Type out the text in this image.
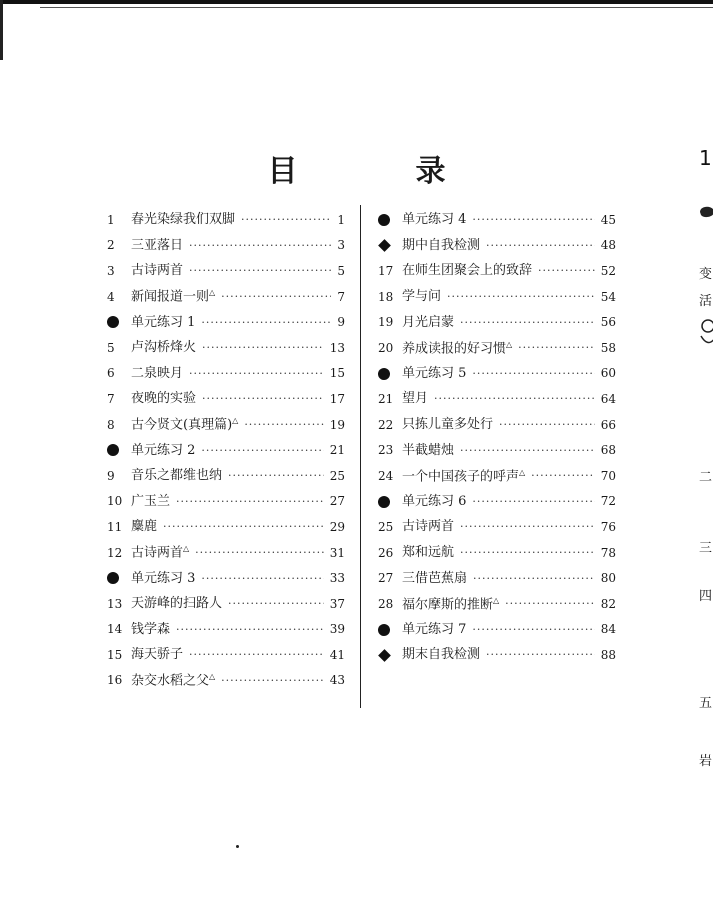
目　录
1	春光染绿我们双脚 ·····	1
2	三亚落日 ·····	3
3	古诗两首 ·····	5
4	新闻报道一则△ ·····	7
单元练习 1 ·····	9
5	卢沟桥烽火 ·····	13
6	二泉映月 ·····	15
7	夜晚的实验 ·····	17
8	古今贤文(真理篇)△ ·····	19
单元练习 2 ·····	21
9	音乐之都维也纳 ·····	25
10 广玉兰 ·····	27
11 麋鹿 ·····	29
12 古诗两首△ ·····	31
单元练习 3 ·····	33
13 天游峰的扫路人 ·····	37
14 钱学森 ·····	39
15 海天骄子 ·····	41
16 杂交水稻之父△ ·····	43
单元练习 4 ·····	45
期中自我检测 ·····	48
17 在师生团聚会上的致辞 ·····	52
18 学与问 ·····	54
19 月光启蒙 ·····	56
20 养成读报的好习惯△ ·····	58
单元练习 5 ·····	60
21 望月 ·····	64
22 只拣儿童多处行 ·····	66
23 半截蜡烛 ·····	68
24 一个中国孩子的呼声△ ·····	70
单元练习 6 ·····	72
25 古诗两首 ·····	76
26 郑和远航 ·····	78
27 三借芭蕉扇 ·····	80
28 福尔摩斯的推断△ ·····	82
单元练习 7 ·····	84
期末自我检测 ·····	88
1
变
活
二
三
四
五
岩
